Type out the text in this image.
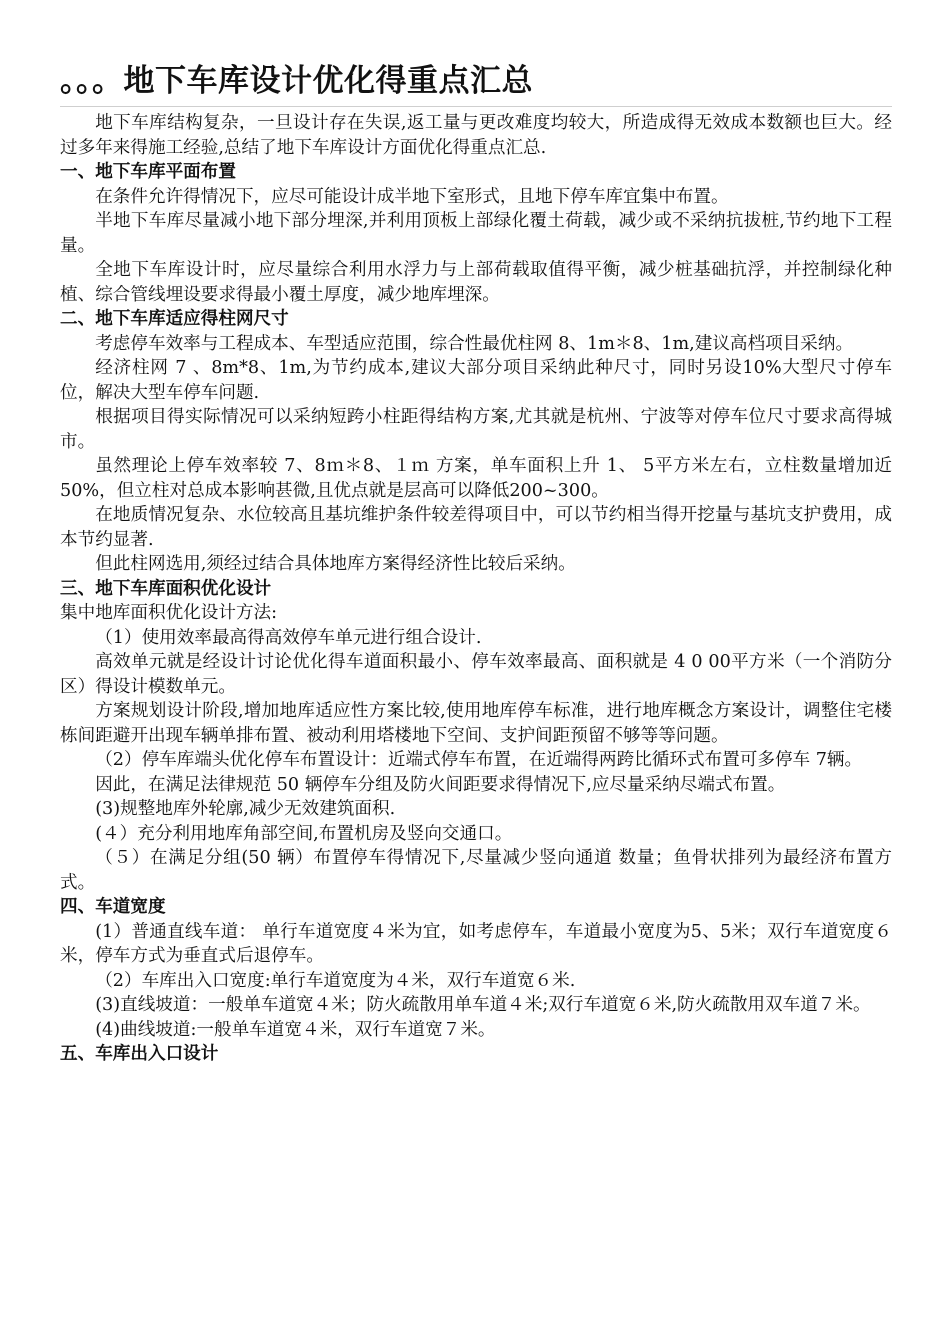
。。。地下车库设计优化得重点汇总

地下车库结构复杂，一旦设计存在失误,返工量与更改难度均较大，所造成得无效成本数额也巨大。经过多年来得施工经验,总结了地下车库设计方面优化得重点汇总.

一、地下车库平面布置

在条件允许得情况下，应尽可能设计成半地下室形式，且地下停车库宜集中布置。

半地下车库尽量减小地下部分埋深,并利用顶板上部绿化覆土荷载，减少或不采纳抗拔桩,节约地下工程量。

全地下车库设计时，应尽量综合利用水浮力与上部荷载取值得平衡，减少桩基础抗浮，并控制绿化种植、综合管线埋设要求得最小覆土厚度，减少地库埋深。

二、地下车库适应得柱网尺寸

考虑停车效率与工程成本、车型适应范围，综合性最优柱网 8、1m＊8、1m,建议高档项目采纳。

经济柱网 7 、8m*8、1m,为节约成本,建议大部分项目采纳此种尺寸，同时另设10%大型尺寸停车位，解决大型车停车问题.

根据项目得实际情况可以采纳短跨小柱距得结构方案,尤其就是杭州、宁波等对停车位尺寸要求高得城市。

虽然理论上停车效率较 7、8ｍ＊8、１ｍ 方案，单车面积上升 1、 5平方米左右，立柱数量增加近 50%，但立柱对总成本影响甚微,且优点就是层高可以降低200~300。

在地质情况复杂、水位较高且基坑维护条件较差得项目中，可以节约相当得开挖量与基坑支护费用，成本节约显著.

但此柱网选用,须经过结合具体地库方案得经济性比较后采纳。

三、地下车库面积优化设计

集中地库面积优化设计方法:

（1）使用效率最高得高效停车单元进行组合设计.

高效单元就是经设计讨论优化得车道面积最小、停车效率最高、面积就是 4 0 00平方米（一个消防分区）得设计模数单元。

方案规划设计阶段,增加地库适应性方案比较,使用地库停车标准，进行地库概念方案设计，调整住宅楼栋间距避开出现车辆单排布置、被动利用塔楼地下空间、支护间距预留不够等等问题。

（2）停车库端头优化停车布置设计：近端式停车布置，在近端得两跨比循环式布置可多停车 7辆。

因此，在满足法律规范 50 辆停车分组及防火间距要求得情况下,应尽量采纳尽端式布置。

(3)规整地库外轮廓,减少无效建筑面积.

(４）充分利用地库角部空间,布置机房及竖向交通口。

（５）在满足分组(50 辆）布置停车得情况下,尽量减少竖向通道 数量；鱼骨状排列为最经济布置方式。

四、车道宽度

(1）普通直线车道： 单行车道宽度４米为宜，如考虑停车，车道最小宽度为5、5米；双行车道宽度６米，停车方式为垂直式后退停车。

（2）车库出入口宽度:单行车道宽度为４米，双行车道宽６米.

(3)直线坡道：一般单车道宽４米；防火疏散用单车道４米;双行车道宽６米,防火疏散用双车道７米。

(4)曲线坡道:一般单车道宽４米，双行车道宽７米。

五、车库出入口设计
